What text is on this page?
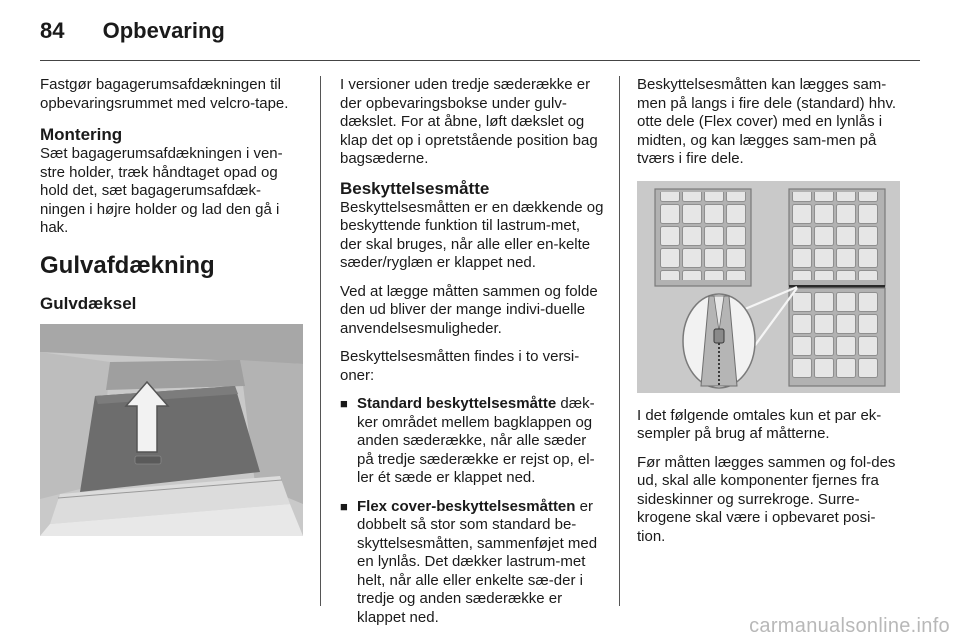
84 Opbevaring

Fastgør bagagerumsafdækningen til opbevaringsrummet med velcro-tape.

Montering

Sæt bagagerumsafdækningen i ven-stre holder, træk håndtaget opad og hold det, sæt bagagerumsafdæk-ningen i højre holder og lad den gå i hak.

Gulvafdækning
Gulvdæksel

I versioner uden tredje sæderække er der opbevaringsbokse under gulv-dækslet. For at åbne, løft dækslet og klap det op i opretstående position bag bagsæderne.

Beskyttelsesmåtte

Beskyttelsesmåtten er en dækkende og beskyttende funktion til lastrum-met, der skal bruges, når alle eller en-kelte sæder/ryglæn er klappet ned.

Ved at lægge måtten sammen og folde den ud bliver der mange indivi-duelle anvendelsesmuligheder.

Beskyttelsesmåtten findes i to versi-oner:

■ Standard beskyttelsesmåtte dæk-ker området mellem bagklappen og anden sæderække, når alle sæder på tredje sæderække er rejst op, el-ler ét sæde er klappet ned.
■ Flex cover-beskyttelsesmåtten er dobbelt så stor som standard be-skyttelsesmåtten, sammenføjet med en lynlås. Det dækker lastrum-met helt, når alle eller enkelte sæ-der i tredje og anden sæderække er klappet ned.

Beskyttelsesmåtten kan lægges sam-men på langs i fire dele (standard) hhv. otte dele (Flex cover) med en lynlås i midten, og kan lægges sam-men på tværs i fire dele.

I det følgende omtales kun et par ek-sempler på brug af måtterne.

Før måtten lægges sammen og fol-des ud, skal alle komponenter fjernes fra sideskinner og surrekroge. Surre-krogene skal være i opbevaret posi-tion.

carmanualsonline.info
